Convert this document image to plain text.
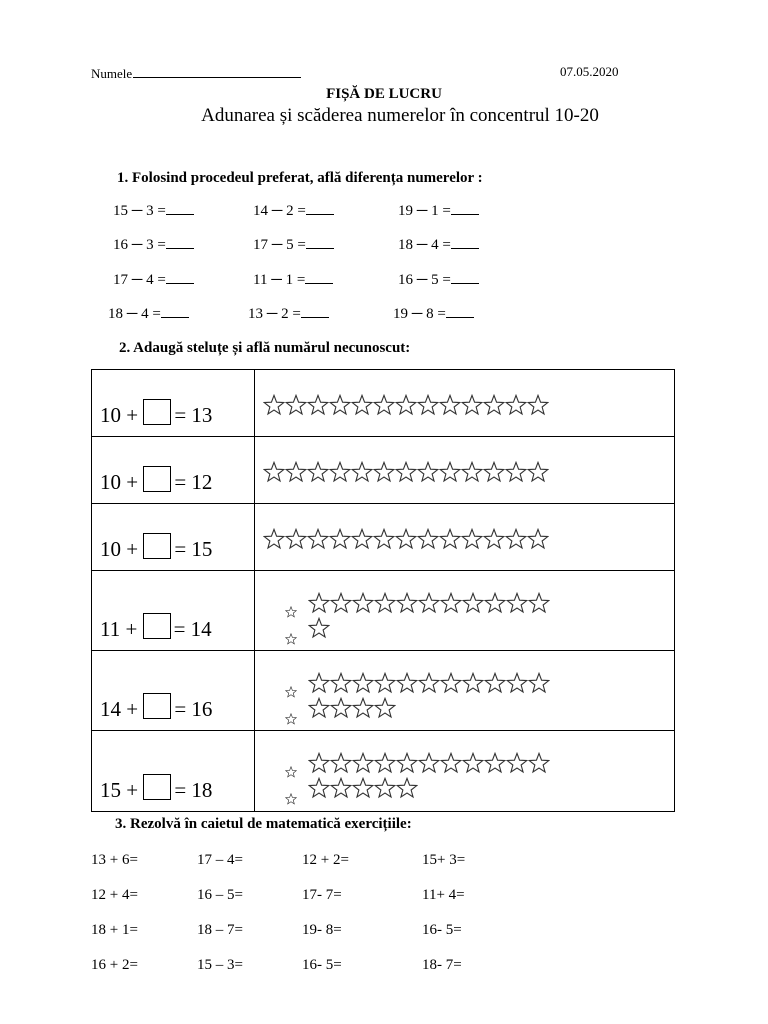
Numele	07.05.2020
FIȘĂ DE LUCRU
Adunarea și scăderea numerelor în concentrul 10-20
1. Folosind procedeul preferat, află diferența numerelor :
15 ─ 3 =	14 ─ 2 =	19 ─ 1 =
16 ─ 3 =	17 ─ 5 =	18 ─ 4 =
17 ─ 4 =	11 ─ 1 =	16 ─ 5 =
18 ─ 4 =	13 ─ 2 =	19 ─ 8 =
2. Adaugă steluțe și află numărul necunoscut:
10 + = 13

10 + = 12

10 + = 15

11 + = 14

14 + = 16

15 + = 18

3. Rezolvă în caietul de matematică exercițiile:
13 + 6=	17 – 4=	12 + 2=	15+ 3=
12 + 4=	16 – 5=	17- 7=	11+ 4=
18 + 1=	18 – 7=	19- 8=	16- 5=
16 + 2=	15 – 3=	16- 5=	18- 7=
